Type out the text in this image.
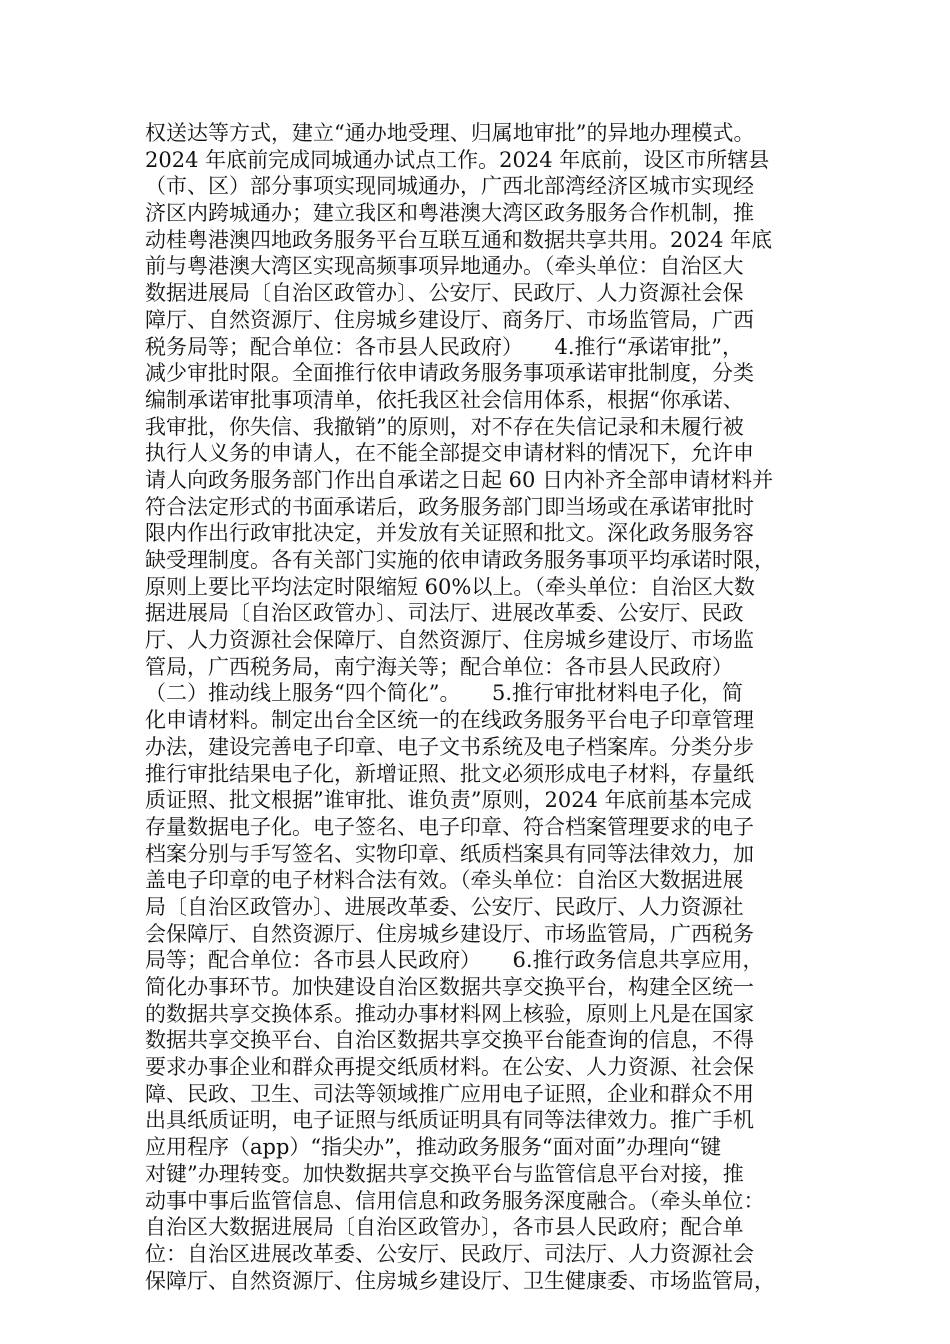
权送达等方式，建立“通办地受理、归属地审批”的异地办理模式。
2024 年底前完成同城通办试点工作。2024 年底前，设区市所辖县
（市、区）部分事项实现同城通办，广西北部湾经济区城市实现经
济区内跨城通办；建立我区和粤港澳大湾区政务服务合作机制，推
动桂粤港澳四地政务服务平台互联互通和数据共享共用。2024 年底
前与粤港澳大湾区实现高频事项异地通办。（牵头单位：自治区大
数据进展局〔自治区政管办〕、公安厅、民政厅、人力资源社会保
障厅、自然资源厅、住房城乡建设厅、商务厅、市场监管局，广西
税务局等；配合单位：各市县人民政府）　　4.推行“承诺审批”，
减少审批时限。全面推行依申请政务服务事项承诺审批制度，分类
编制承诺审批事项清单，依托我区社会信用体系，根据“你承诺、
我审批，你失信、我撤销”的原则，对不存在失信记录和未履行被
执行人义务的申请人，在不能全部提交申请材料的情况下，允许申
请人向政务服务部门作出自承诺之日起 60 日内补齐全部申请材料并
符合法定形式的书面承诺后，政务服务部门即当场或在承诺审批时
限内作出行政审批决定，并发放有关证照和批文。深化政务服务容
缺受理制度。各有关部门实施的依申请政务服务事项平均承诺时限，
原则上要比平均法定时限缩短 60%以上。（牵头单位：自治区大数
据进展局〔自治区政管办〕、司法厅、进展改革委、公安厅、民政
厅、人力资源社会保障厅、自然资源厅、住房城乡建设厅、市场监
管局，广西税务局，南宁海关等；配合单位：各市县人民政府）
（二）推动线上服务“四个简化”。　　5.推行审批材料电子化，简
化申请材料。制定出台全区统一的在线政务服务平台电子印章管理
办法，建设完善电子印章、电子文书系统及电子档案库。分类分步
推行审批结果电子化，新增证照、批文必须形成电子材料，存量纸
质证照、批文根据”谁审批、谁负责”原则，2024 年底前基本完成
存量数据电子化。电子签名、电子印章、符合档案管理要求的电子
档案分别与手写签名、实物印章、纸质档案具有同等法律效力，加
盖电子印章的电子材料合法有效。（牵头单位：自治区大数据进展
局〔自治区政管办〕、进展改革委、公安厅、民政厅、人力资源社
会保障厅、自然资源厅、住房城乡建设厅、市场监管局，广西税务
局等；配合单位：各市县人民政府）　　6.推行政务信息共享应用，
简化办事环节。加快建设自治区数据共享交换平台，构建全区统一
的数据共享交换体系。推动办事材料网上核验，原则上凡是在国家
数据共享交换平台、自治区数据共享交换平台能查询的信息，不得
要求办事企业和群众再提交纸质材料。在公安、人力资源、社会保
障、民政、卫生、司法等领域推广应用电子证照，企业和群众不用
出具纸质证明，电子证照与纸质证明具有同等法律效力。推广手机
应用程序（app）“指尖办”，推动政务服务“面对面”办理向“键
对键”办理转变。加快数据共享交换平台与监管信息平台对接，推
动事中事后监管信息、信用信息和政务服务深度融合。（牵头单位：
自治区大数据进展局〔自治区政管办〕，各市县人民政府；配合单
位：自治区进展改革委、公安厅、民政厅、司法厅、人力资源社会
保障厅、自然资源厅、住房城乡建设厅、卫生健康委、市场监管局，
